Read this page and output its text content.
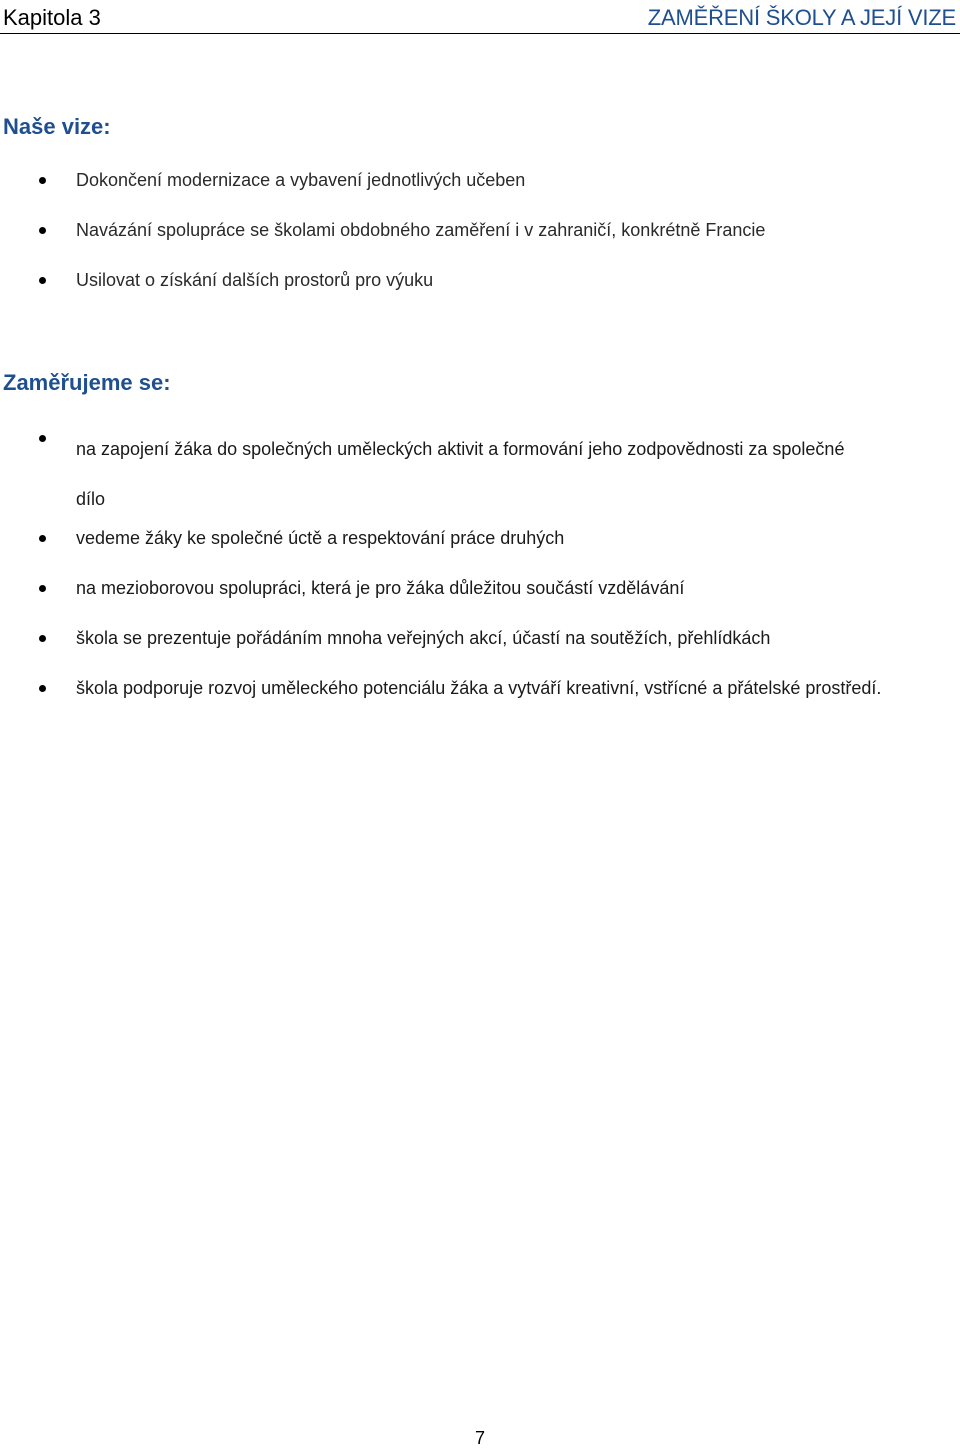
Kapitola 3	ZAMĚŘENÍ ŠKOLY A JEJÍ VIZE
Naše vize:
Dokončení modernizace a vybavení jednotlivých učeben
Navázání spolupráce se školami obdobného zaměření i v zahraničí, konkrétně Francie
Usilovat o získání dalších prostorů pro výuku
Zaměřujeme se:
na zapojení žáka do společných uměleckých aktivit a formování jeho zodpovědnosti za společné dílo
vedeme žáky ke společné úctě a respektování práce druhých
na mezioborovou spolupráci, která je pro žáka důležitou součástí vzdělávání
škola se prezentuje pořádáním mnoha veřejných akcí, účastí na soutěžích, přehlídkách
škola podporuje rozvoj uměleckého potenciálu žáka a vytváří kreativní, vstřícné a přátelské prostředí.
7
